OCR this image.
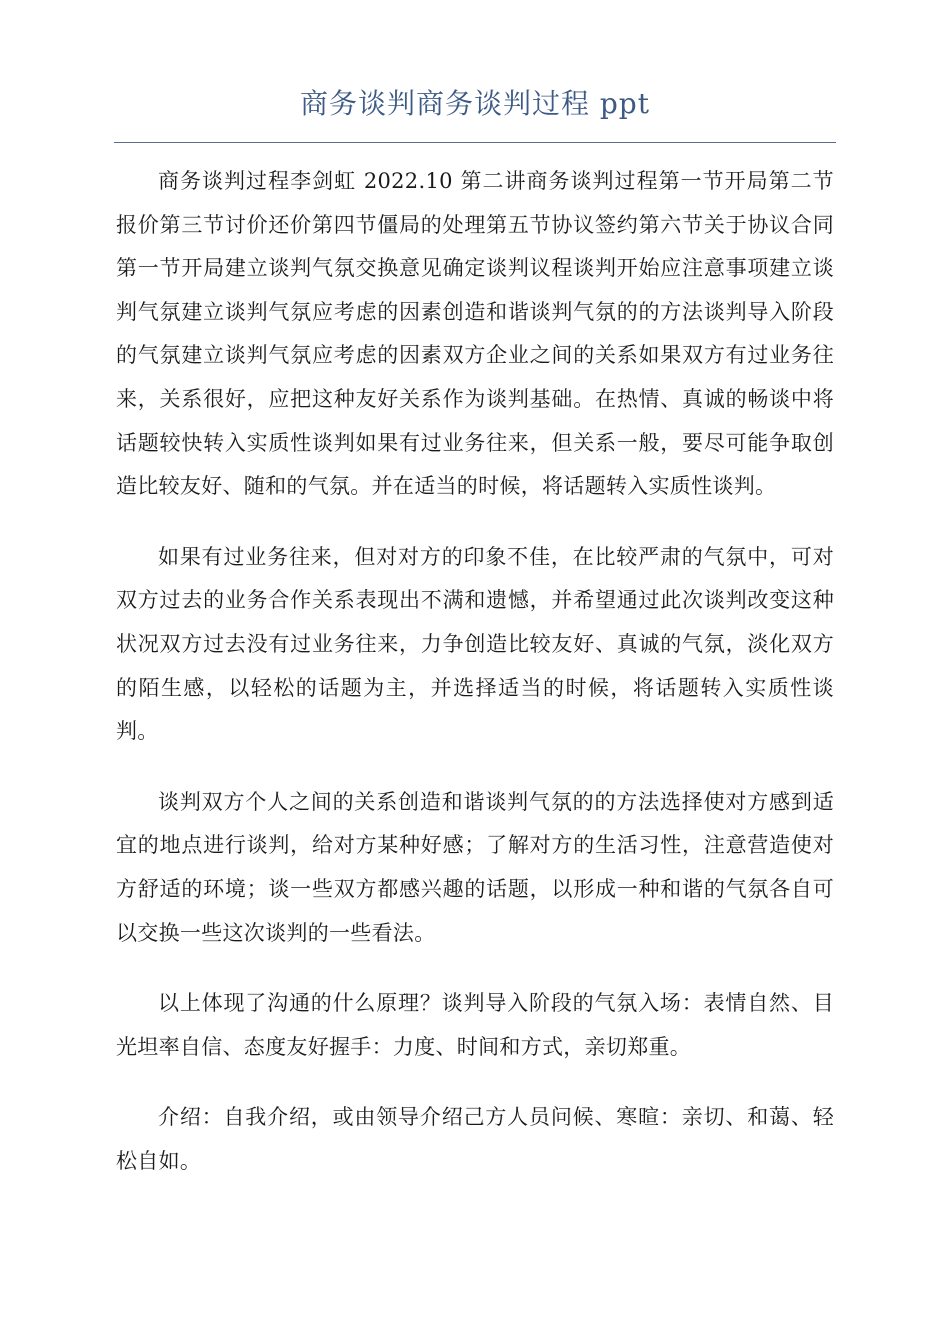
商务谈判商务谈判过程 ppt

商务谈判过程李剑虹 2022.10 第二讲商务谈判过程第一节开局第二节报价第三节讨价还价第四节僵局的处理第五节协议签约第六节关于协议合同第一节开局建立谈判气氛交换意见确定谈判议程谈判开始应注意事项建立谈判气氛建立谈判气氛应考虑的因素创造和谐谈判气氛的的方法谈判导入阶段的气氛建立谈判气氛应考虑的因素双方企业之间的关系如果双方有过业务往来，关系很好，应把这种友好关系作为谈判基础。在热情、真诚的畅谈中将话题较快转入实质性谈判如果有过业务往来，但关系一般，要尽可能争取创造比较友好、随和的气氛。并在适当的时候，将话题转入实质性谈判。

如果有过业务往来，但对对方的印象不佳，在比较严肃的气氛中，可对双方过去的业务合作关系表现出不满和遗憾，并希望通过此次谈判改变这种状况双方过去没有过业务往来，力争创造比较友好、真诚的气氛，淡化双方的陌生感，以轻松的话题为主，并选择适当的时候，将话题转入实质性谈判。

谈判双方个人之间的关系创造和谐谈判气氛的的方法选择使对方感到适宜的地点进行谈判，给对方某种好感；了解对方的生活习性，注意营造使对方舒适的环境；谈一些双方都感兴趣的话题，以形成一种和谐的气氛各自可以交换一些这次谈判的一些看法。

以上体现了沟通的什么原理？谈判导入阶段的气氛入场：表情自然、目光坦率自信、态度友好握手：力度、时间和方式，亲切郑重。

介绍：自我介绍，或由领导介绍己方人员问候、寒暄：亲切、和蔼、轻松自如。
